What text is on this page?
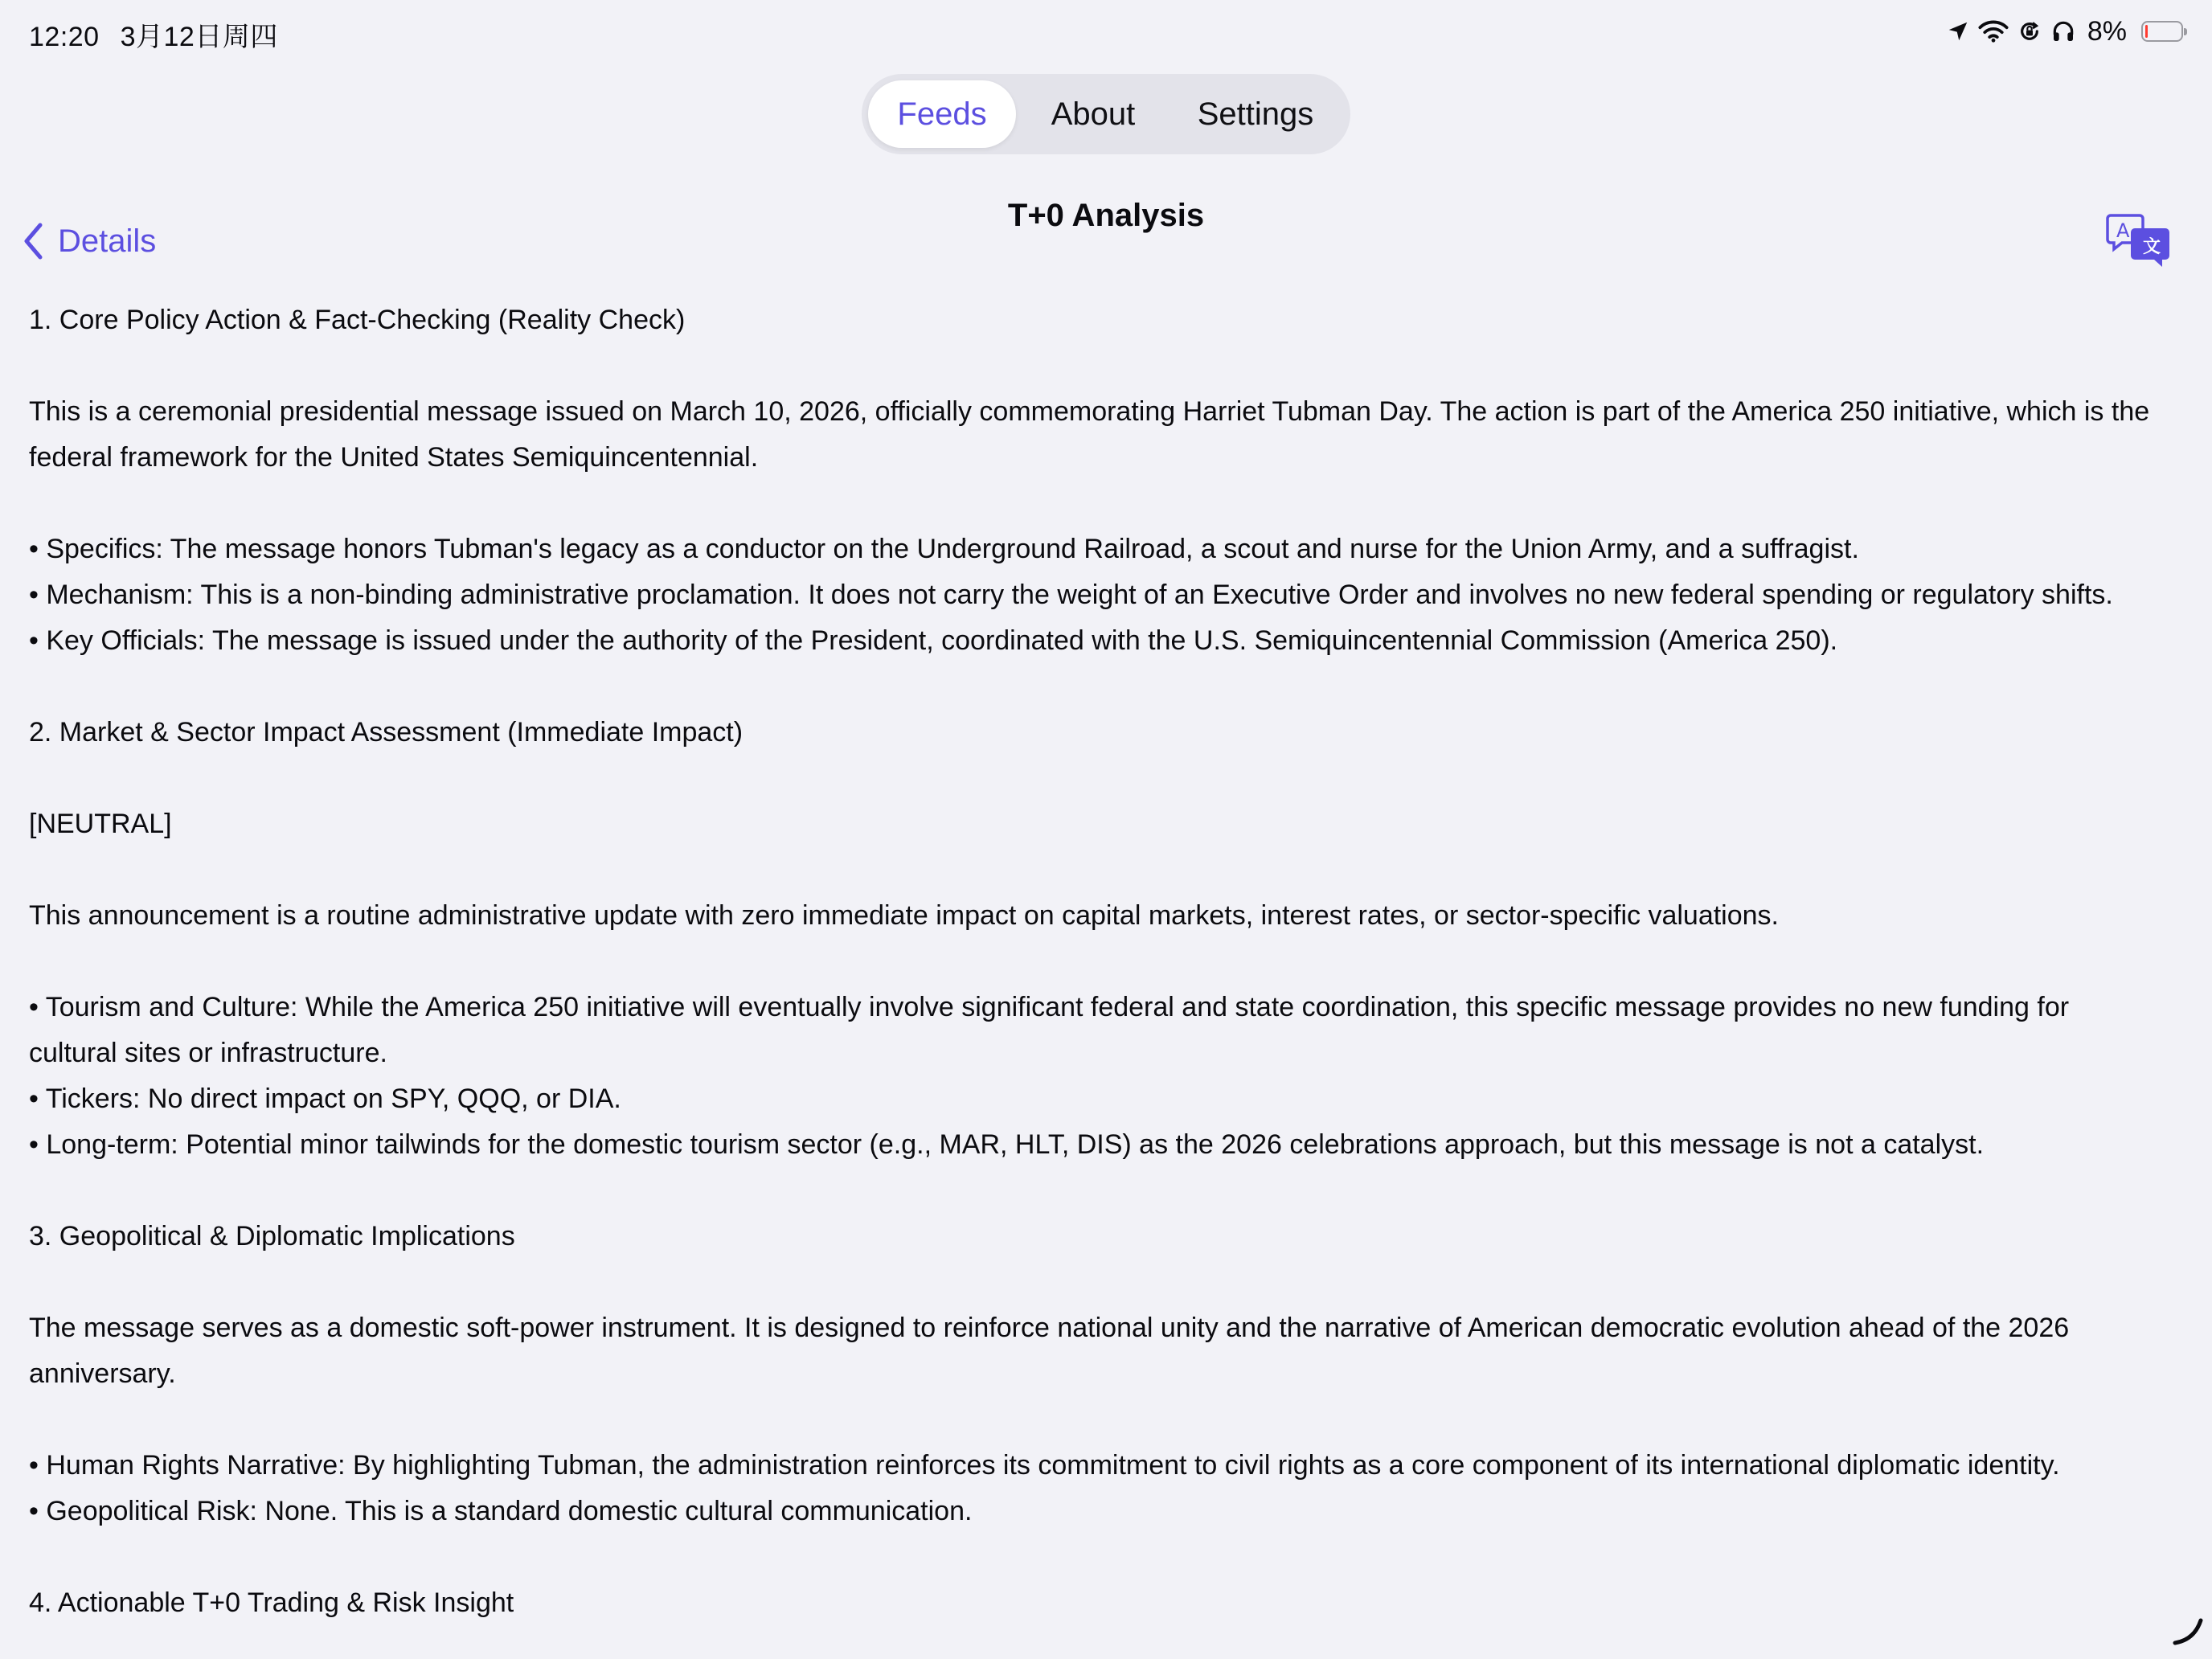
12:20 3月12日周四	8%
Feeds	About	Settings
Details
T+0 Analysis	A
文

1. Core Policy Action & Fact-Checking (Reality Check)

This is a ceremonial presidential message issued on March 10, 2026, officially commemorating Harriet Tubman Day. The action is part of the America 250 initiative, which is the

federal framework for the United States Semiquincentennial.

• Specifics: The message honors Tubman's legacy as a conductor on the Underground Railroad, a scout and nurse for the Union Army, and a suffragist.

• Mechanism: This is a non-binding administrative proclamation. It does not carry the weight of an Executive Order and involves no new federal spending or regulatory shifts.

• Key Officials: The message is issued under the authority of the President, coordinated with the U.S. Semiquincentennial Commission (America 250).

2. Market & Sector Impact Assessment (Immediate Impact)

[NEUTRAL]

This announcement is a routine administrative update with zero immediate impact on capital markets, interest rates, or sector-specific valuations.

• Tourism and Culture: While the America 250 initiative will eventually involve significant federal and state coordination, this specific message provides no new funding for

cultural sites or infrastructure.

• Tickers: No direct impact on SPY, QQQ, or DIA.

• Long-term: Potential minor tailwinds for the domestic tourism sector (e.g., MAR, HLT, DIS) as the 2026 celebrations approach, but this message is not a catalyst.

3. Geopolitical & Diplomatic Implications

The message serves as a domestic soft-power instrument. It is designed to reinforce national unity and the narrative of American democratic evolution ahead of the 2026

anniversary.

• Human Rights Narrative: By highlighting Tubman, the administration reinforces its commitment to civil rights as a core component of its international diplomatic identity.

• Geopolitical Risk: None. This is a standard domestic cultural communication.

4. Actionable T+0 Trading & Risk Insight
